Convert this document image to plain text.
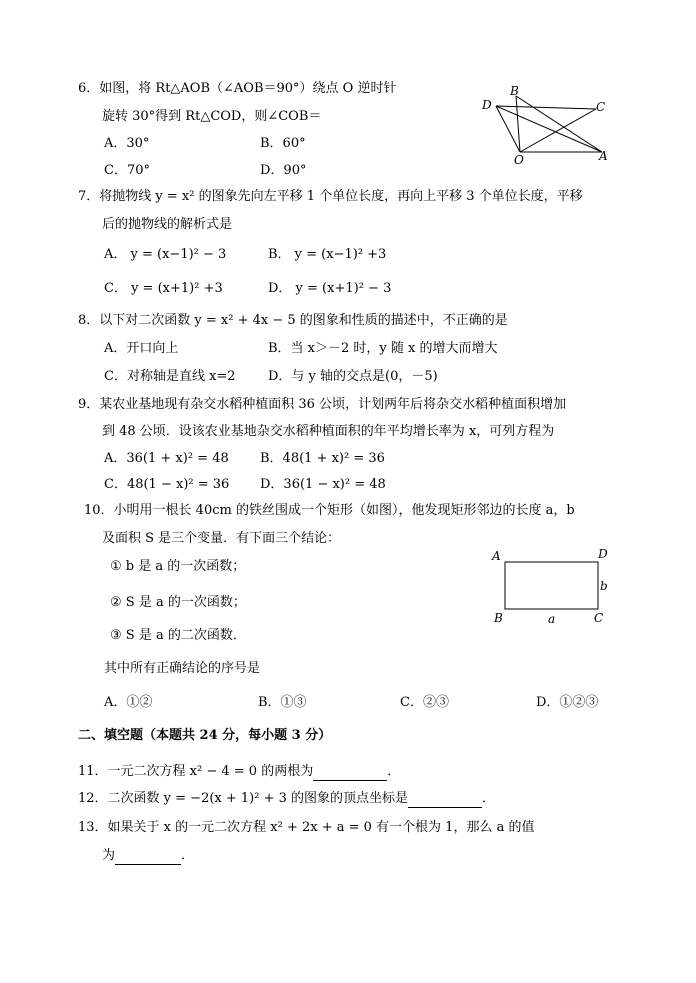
6．如图，将 Rt△AOB（∠AOB＝90°）绕点 O 逆时针
旋转 30°得到 Rt△COD，则∠COB＝
A．30°	B．60°
C．70°	D．90°
B
D	C
O	A
7．将抛物线 y = x² 的图象先向左平移 1 个单位长度，再向上平移 3 个单位长度，平移
后的抛物线的解析式是
A． y = (x−1)² − 3	B． y = (x−1)² +3
C． y = (x+1)² +3	D． y = (x+1)² − 3
8．以下对二次函数 y = x² + 4x − 5 的图象和性质的描述中，不正确的是
A．开口向上	B．当 x＞－2 时，y 随 x 的增大而增大
C．对称轴是直线 x=2 D．与 y 轴的交点是(0，－5)
9．某农业基地现有杂交水稻种植面积 36 公顷，计划两年后将杂交水稻种植面积增加
到 48 公顷．设该农业基地杂交水稻种植面积的年平均增长率为 x，可列方程为
A．36(1 + x)² = 48 B．48(1 + x)² = 36
C．48(1 − x)² = 36 D．36(1 − x)² = 48
10．小明用一根长 40cm 的铁丝围成一个矩形（如图），他发现矩形邻边的长度 a，b
及面积 S 是三个变量．有下面三个结论：
① b 是 a 的一次函数；
② S 是 a 的一次函数；
③ S 是 a 的二次函数．
其中所有正确结论的序号是
A．①②	B．①③	C．②③	D．①②③
A	D
B	C
a
b
二、填空题（本题共 24 分，每小题 3 分）
11．一元二次方程 x² − 4 = 0 的两根为	．
12．二次函数 y = −2(x + 1)² + 3 的图象的顶点坐标是	．
13．如果关于 x 的一元二次方程 x² + 2x + a = 0 有一个根为 1，那么 a 的值
为	．
